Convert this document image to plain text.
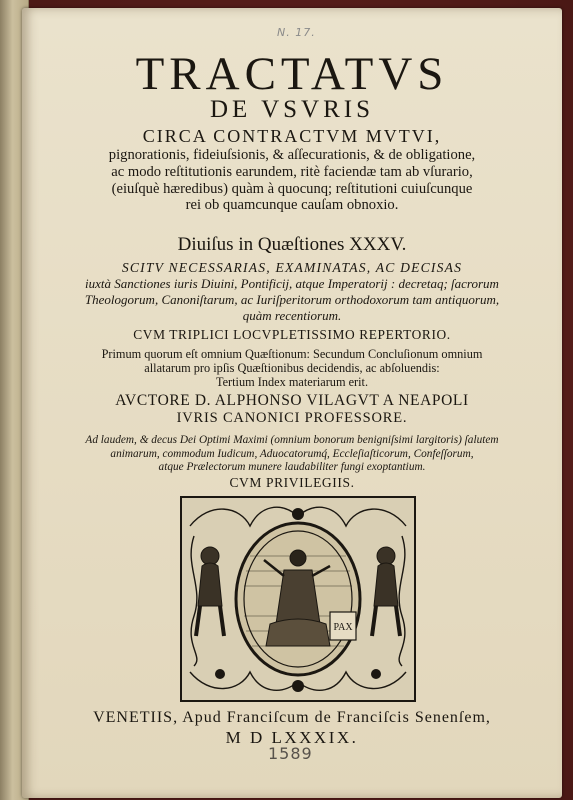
N. 17.
TRACTATVS
DE VSVRIS
CIRCA CONTRACTVM MVTVI,
pignorationis, fideiuſsionis, & aſſecurationis, & de obligatione,
ac modo reſtitutionis earundem, ritè faciendæ tam ab vſurario,
(eiuſquè hæredibus) quàm à quocunq; reſtitutioni cuiuſcunque
rei ob quamcunque cauſam obnoxio.
Diuiſus in Quæſtiones XXXV.
SCITV NECESSARIAS, EXAMINATAS, AC DECISAS
iuxtà Sanctiones iuris Diuini, Pontificij, atque Imperatorij : decretaq; ſacrorum
Theologorum, Canoniſtarum, ac Iuriſperitorum orthodoxorum tam antiquorum,
quàm recentiorum.
CVM TRIPLICI LOCVPLETISSIMO REPERTORIO.
Primum quorum eſt omnium Quæſtionum: Secundum Concluſionum omnium
allatarum pro ipſis Quæſtionibus decidendis, ac abſoluendis:
Tertium Index materiarum erit.
AVCTORE D. ALPHONSO VILAGVT A NEAPOLI
IVRIS CANONICI PROFESSORE.
Ad laudem, & decus Dei Optimi Maximi (omnium bonorum benigniſsimi largitoris) ſalutem
animarum, commodum Iudicum, Aduocatorumq́, Eccleſiaſticorum, Confeſſorum,
atque Prælectorum munere laudabiliter fungi exoptantium.
CVM PRIVILEGIIS.
PAX
VENETIIS, Apud Franciſcum de Franciſcis Senenſem,
M D LXXXIX.
1589
